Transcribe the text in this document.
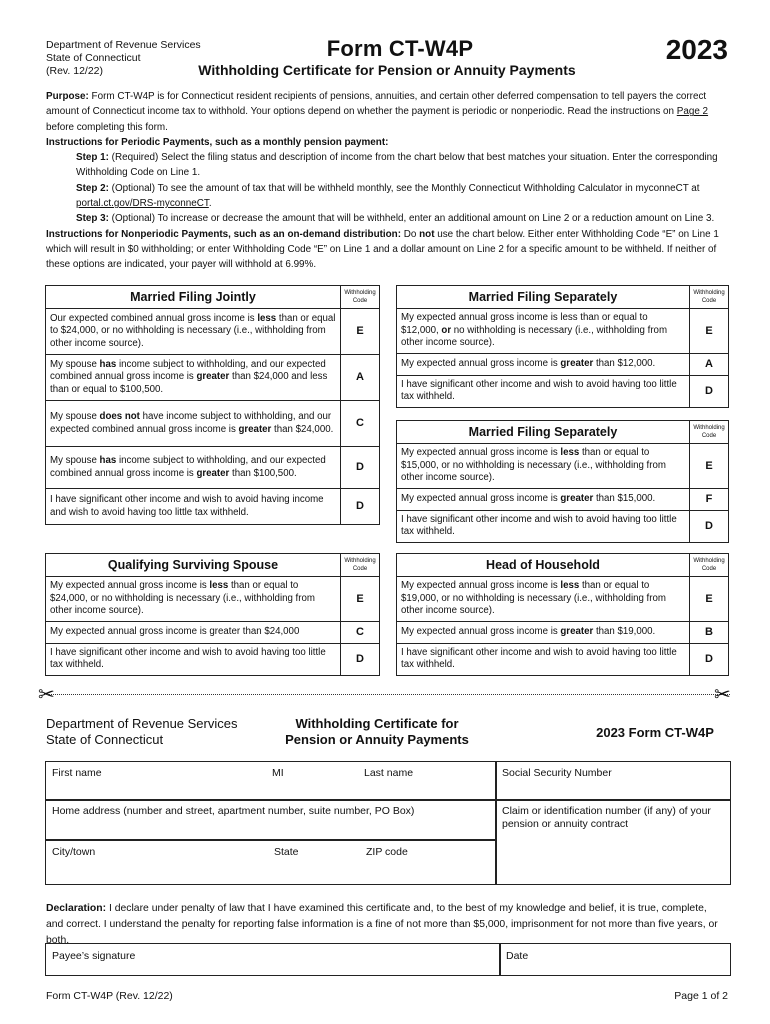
Department of Revenue Services
State of Connecticut
(Rev. 12/22)
Form CT-W4P
Withholding Certificate for Pension or Annuity Payments
2023

Purpose: Form CT-W4P is for Connecticut resident recipients of pensions, annuities, and certain other deferred compensation to tell payers the correct amount of Connecticut income tax to withhold. Your options depend on whether the payment is periodic or nonperiodic. Read the instructions on Page 2 before completing this form.

Instructions for Periodic Payments, such as a monthly pension payment:

Step 1: (Required) Select the filing status and description of income from the chart below that best matches your situation. Enter the corresponding Withholding Code on Line 1.

Step 2: (Optional) To see the amount of tax that will be withheld monthly, see the Monthly Connecticut Withholding Calculator in myconneCT at portal.ct.gov/DRS-myconneCT.

Step 3: (Optional) To increase or decrease the amount that will be withheld, enter an additional amount on Line 2 or a reduction amount on Line 3.

Instructions for Nonperiodic Payments, such as an on-demand distribution: Do not use the chart below. Either enter Withholding Code “E” on Line 1 which will result in $0 withholding; or enter Withholding Code “E” on Line 1 and a dollar amount on Line 2 for a specific amount to be withheld. If neither of these options are indicated, your payer will withhold at 6.99%.

Married Filing Jointly	Withholding Code
Our expected combined annual gross income is less than or equal to $24,000, or no withholding is necessary (i.e., withholding from other income source).	E
My spouse has income subject to withholding, and our expected combined annual gross income is greater than $24,000 and less than or equal to $100,500.	A
My spouse does not have income subject to withholding, and our expected combined annual gross income is greater than $24,000.	C
My spouse has income subject to withholding, and our expected combined annual gross income is greater than $100,500.	D
I have significant other income and wish to avoid having income and wish to avoid having too little tax withheld.	D
Married Filing Separately	Withholding Code
My expected annual gross income is less than or equal to $12,000, or no withholding is necessary (i.e., withholding from other income source).	E
My expected annual gross income is greater than $12,000.	A
I have significant other income and wish to avoid having too little tax withheld.	D
Married Filing Separately	Withholding Code
My expected annual gross income is less than or equal to $15,000, or no withholding is necessary (i.e., withholding from other income source).	E
My expected annual gross income is greater than $15,000.	F
I have significant other income and wish to avoid having too little tax withheld.	D
Qualifying Surviving Spouse	Withholding Code
My expected annual gross income is less than or equal to $24,000, or no withholding is necessary (i.e., withholding from other income source).	E
My expected annual gross income is greater than $24,000	C
I have significant other income and wish to avoid having too little tax withheld.	D
Head of Household	Withholding Code
My expected annual gross income is less than or equal to $19,000, or no withholding is necessary (i.e., withholding from other income source).	E
My expected annual gross income is greater than $19,000.	B
I have significant other income and wish to avoid having too little tax withheld.	D
✂	✂
Department of Revenue Services
State of Connecticut
Withholding Certificate for
Pension or Annuity Payments	2023 Form CT-W4P
First name	MI	Last name	Social Security Number
Home address (number and street, apartment number, suite number, PO Box)	Claim or identification number (if any) of your pension or annuity contract
City/town	State	ZIP code
Declaration: I declare under penalty of law that I have examined this certificate and, to the best of my knowledge and belief, it is true, complete, and correct. I understand the penalty for reporting false information is a fine of not more than $5,000, imprisonment for not more than five years, or both.
Payee’s signature	Date
Form CT-W4P (Rev. 12/22)	Page 1 of 2
